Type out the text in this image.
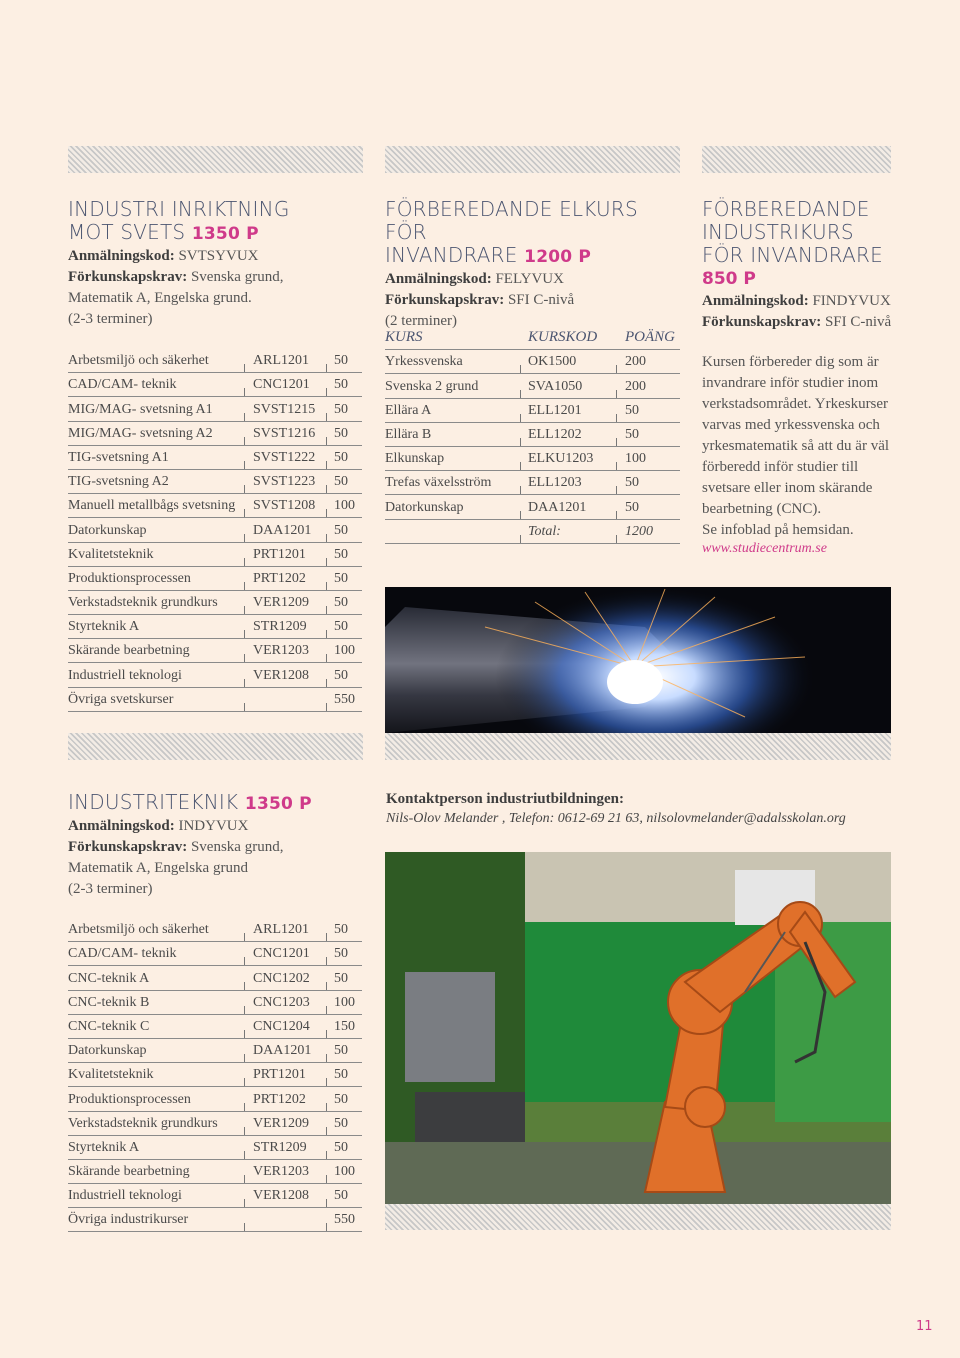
INDUSTRI INRIKTNING
MOT SVETS 1350 P
Anmälningskod: SVTSYVUX
Förkunskapskrav: Svenska grund,
Matematik A, Engelska grund.
(2-3 terminer)
Arbetsmiljö och säkerhet	ARL1201 50
CAD/CAM- teknik	CNC1201 50
MIG/MAG- svetsning A1	SVST1215 50
MIG/MAG- svetsning A2	SVST1216 50
TIG-svetsning A1	SVST1222 50
TIG-svetsning A2	SVST1223 50
Manuell metallbågs svetsning SVST1208 100
Datorkunskap	DAA1201 50
Kvalitetsteknik	PRT1201 50
Produktionsprocessen	PRT1202 50
Verkstadsteknik grundkurs	VER1209 50
Styrteknik A	STR1209 50
Skärande bearbetning	VER1203 100
Industriell teknologi	VER1208 50
Övriga svetskurser	550
FÖRBEREDANDE ELKURS FÖR
INVANDRARE 1200 P
Anmälningskod: FELYVUX
Förkunskapskrav: SFI C-nivå
(2 terminer)
KURS	KURSKOD POÄNG
Yrkessvenska	OK1500	200
Svenska 2 grund	SVA1050	200
Ellära A	ELL1201	50
Ellära B	ELL1202	50
Elkunskap	ELKU1203 100
Trefas växelsström	ELL1203	50
Datorkunskap	DAA1201	50
Total:	1200
FÖRBEREDANDE
INDUSTRIKURS
FÖR INVANDRARE
850 P
Anmälningskod: FINDYVUX
Förkunskapskrav: SFI C-nivå
Kursen förbereder dig som är invandrare inför studier inom verkstadsområdet. Yrkeskurser varvas med yrkessvenska och yrkesmatematik så att du är väl förberedd inför studier till svetsare eller inom skärande bearbetning (CNC).
Se infoblad på hemsidan.
www.studiecentrum.se
INDUSTRITEKNIK 1350 P
Anmälningskod: INDYVUX
Förkunskapskrav: Svenska grund,
Matematik A, Engelska grund
(2-3 terminer)
Arbetsmiljö och säkerhet	ARL1201 50
CAD/CAM- teknik	CNC1201 50
CNC-teknik A	CNC1202 50
CNC-teknik B	CNC1203 100
CNC-teknik C	CNC1204 150
Datorkunskap	DAA1201 50
Kvalitetsteknik	PRT1201 50
Produktionsprocessen	PRT1202 50
Verkstadsteknik grundkurs	VER1209 50
Styrteknik A	STR1209 50
Skärande bearbetning	VER1203 100
Industriell teknologi	VER1208 50
Övriga industrikurser	550
Kontaktperson industriutbildningen:
Nils-Olov Melander , Telefon: 0612-69 21 63, nilsolovmelander@adalsskolan.org
11
